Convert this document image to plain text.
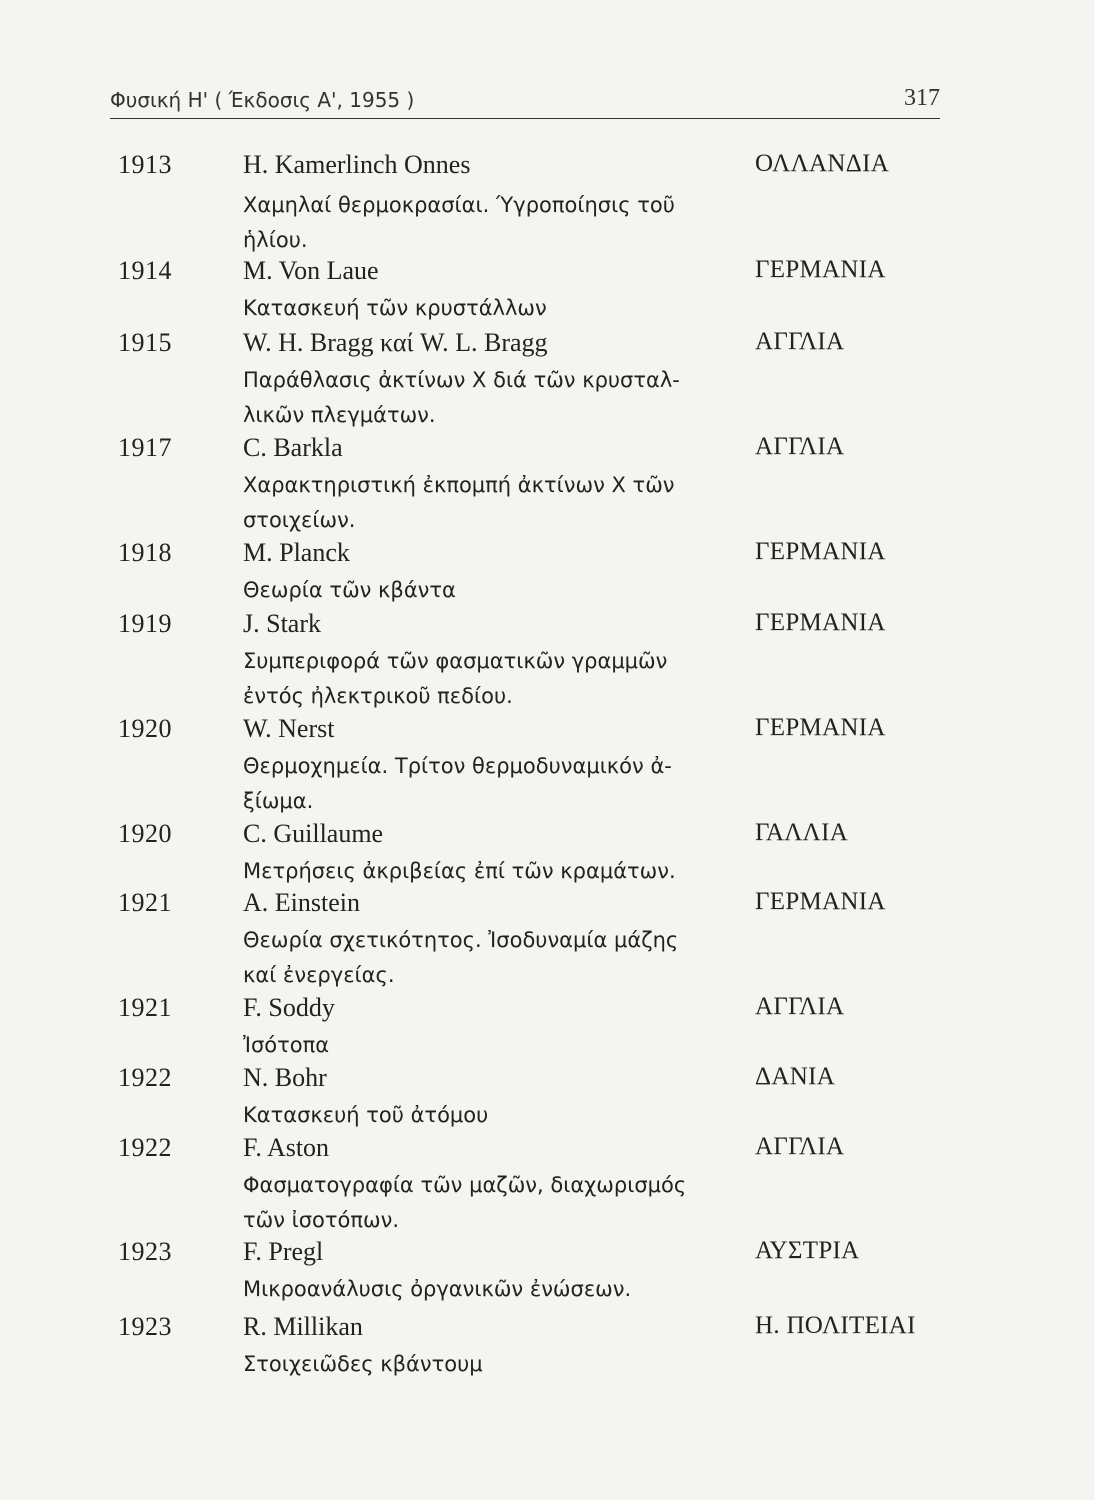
Φυσική Η' ( Έκδοσις Α', 1955 )	317
1913	H. Kamerlinch Onnes	ΟΛΛΑΝΔΙΑ
Χαμηλαί θερμοκρασίαι. Ύγροποίησις τοῦ
ἡλίου.
1914	M. Von Laue	ΓΕΡΜΑΝΙΑ
Κατασκευή τῶν κρυστάλλων
1915	W. H. Bragg καί W. L. Bragg	ΑΓΓΛΙΑ
Παράθλασις ἀκτίνων Χ διά τῶν κρυσταλ-
λικῶν πλεγμάτων.
1917	C. Barkla	ΑΓΓΛΙΑ
Χαρακτηριστική ἐκπομπή ἀκτίνων Χ τῶν
στοιχείων.
1918	M. Planck	ΓΕΡΜΑΝΙΑ
Θεωρία τῶν κβάντα
1919	J. Stark	ΓΕΡΜΑΝΙΑ
Συμπεριφορά τῶν φασματικῶν γραμμῶν
ἐντός ἠλεκτρικοῦ πεδίου.
1920	W. Nerst	ΓΕΡΜΑΝΙΑ
Θερμοχημεία. Τρίτον θερμοδυναμικόν ἀ-
ξίωμα.
1920	C. Guillaume	ΓΑΛΛΙΑ
Μετρήσεις ἀκριβείας ἐπί τῶν κραμάτων.
1921	A. Einstein	ΓΕΡΜΑΝΙΑ
Θεωρία σχετικότητος. Ἰσοδυναμία μάζης
καί ἐνεργείας.
1921	F. Soddy	ΑΓΓΛΙΑ
Ἰσότοπα
1922	N. Bohr	ΔΑΝΙΑ
Κατασκευή τοῦ ἀτόμου
1922	F. Aston	ΑΓΓΛΙΑ
Φασματογραφία τῶν μαζῶν, διαχωρισμός
τῶν ἰσοτόπων.
1923	F. Pregl	ΑΥΣΤΡΙΑ
Μικροανάλυσις ὀργανικῶν ἐνώσεων.
1923	R. Millikan	Η. ΠΟΛΙΤΕΙΑΙ
Στοιχειῶδες κβάντουμ
